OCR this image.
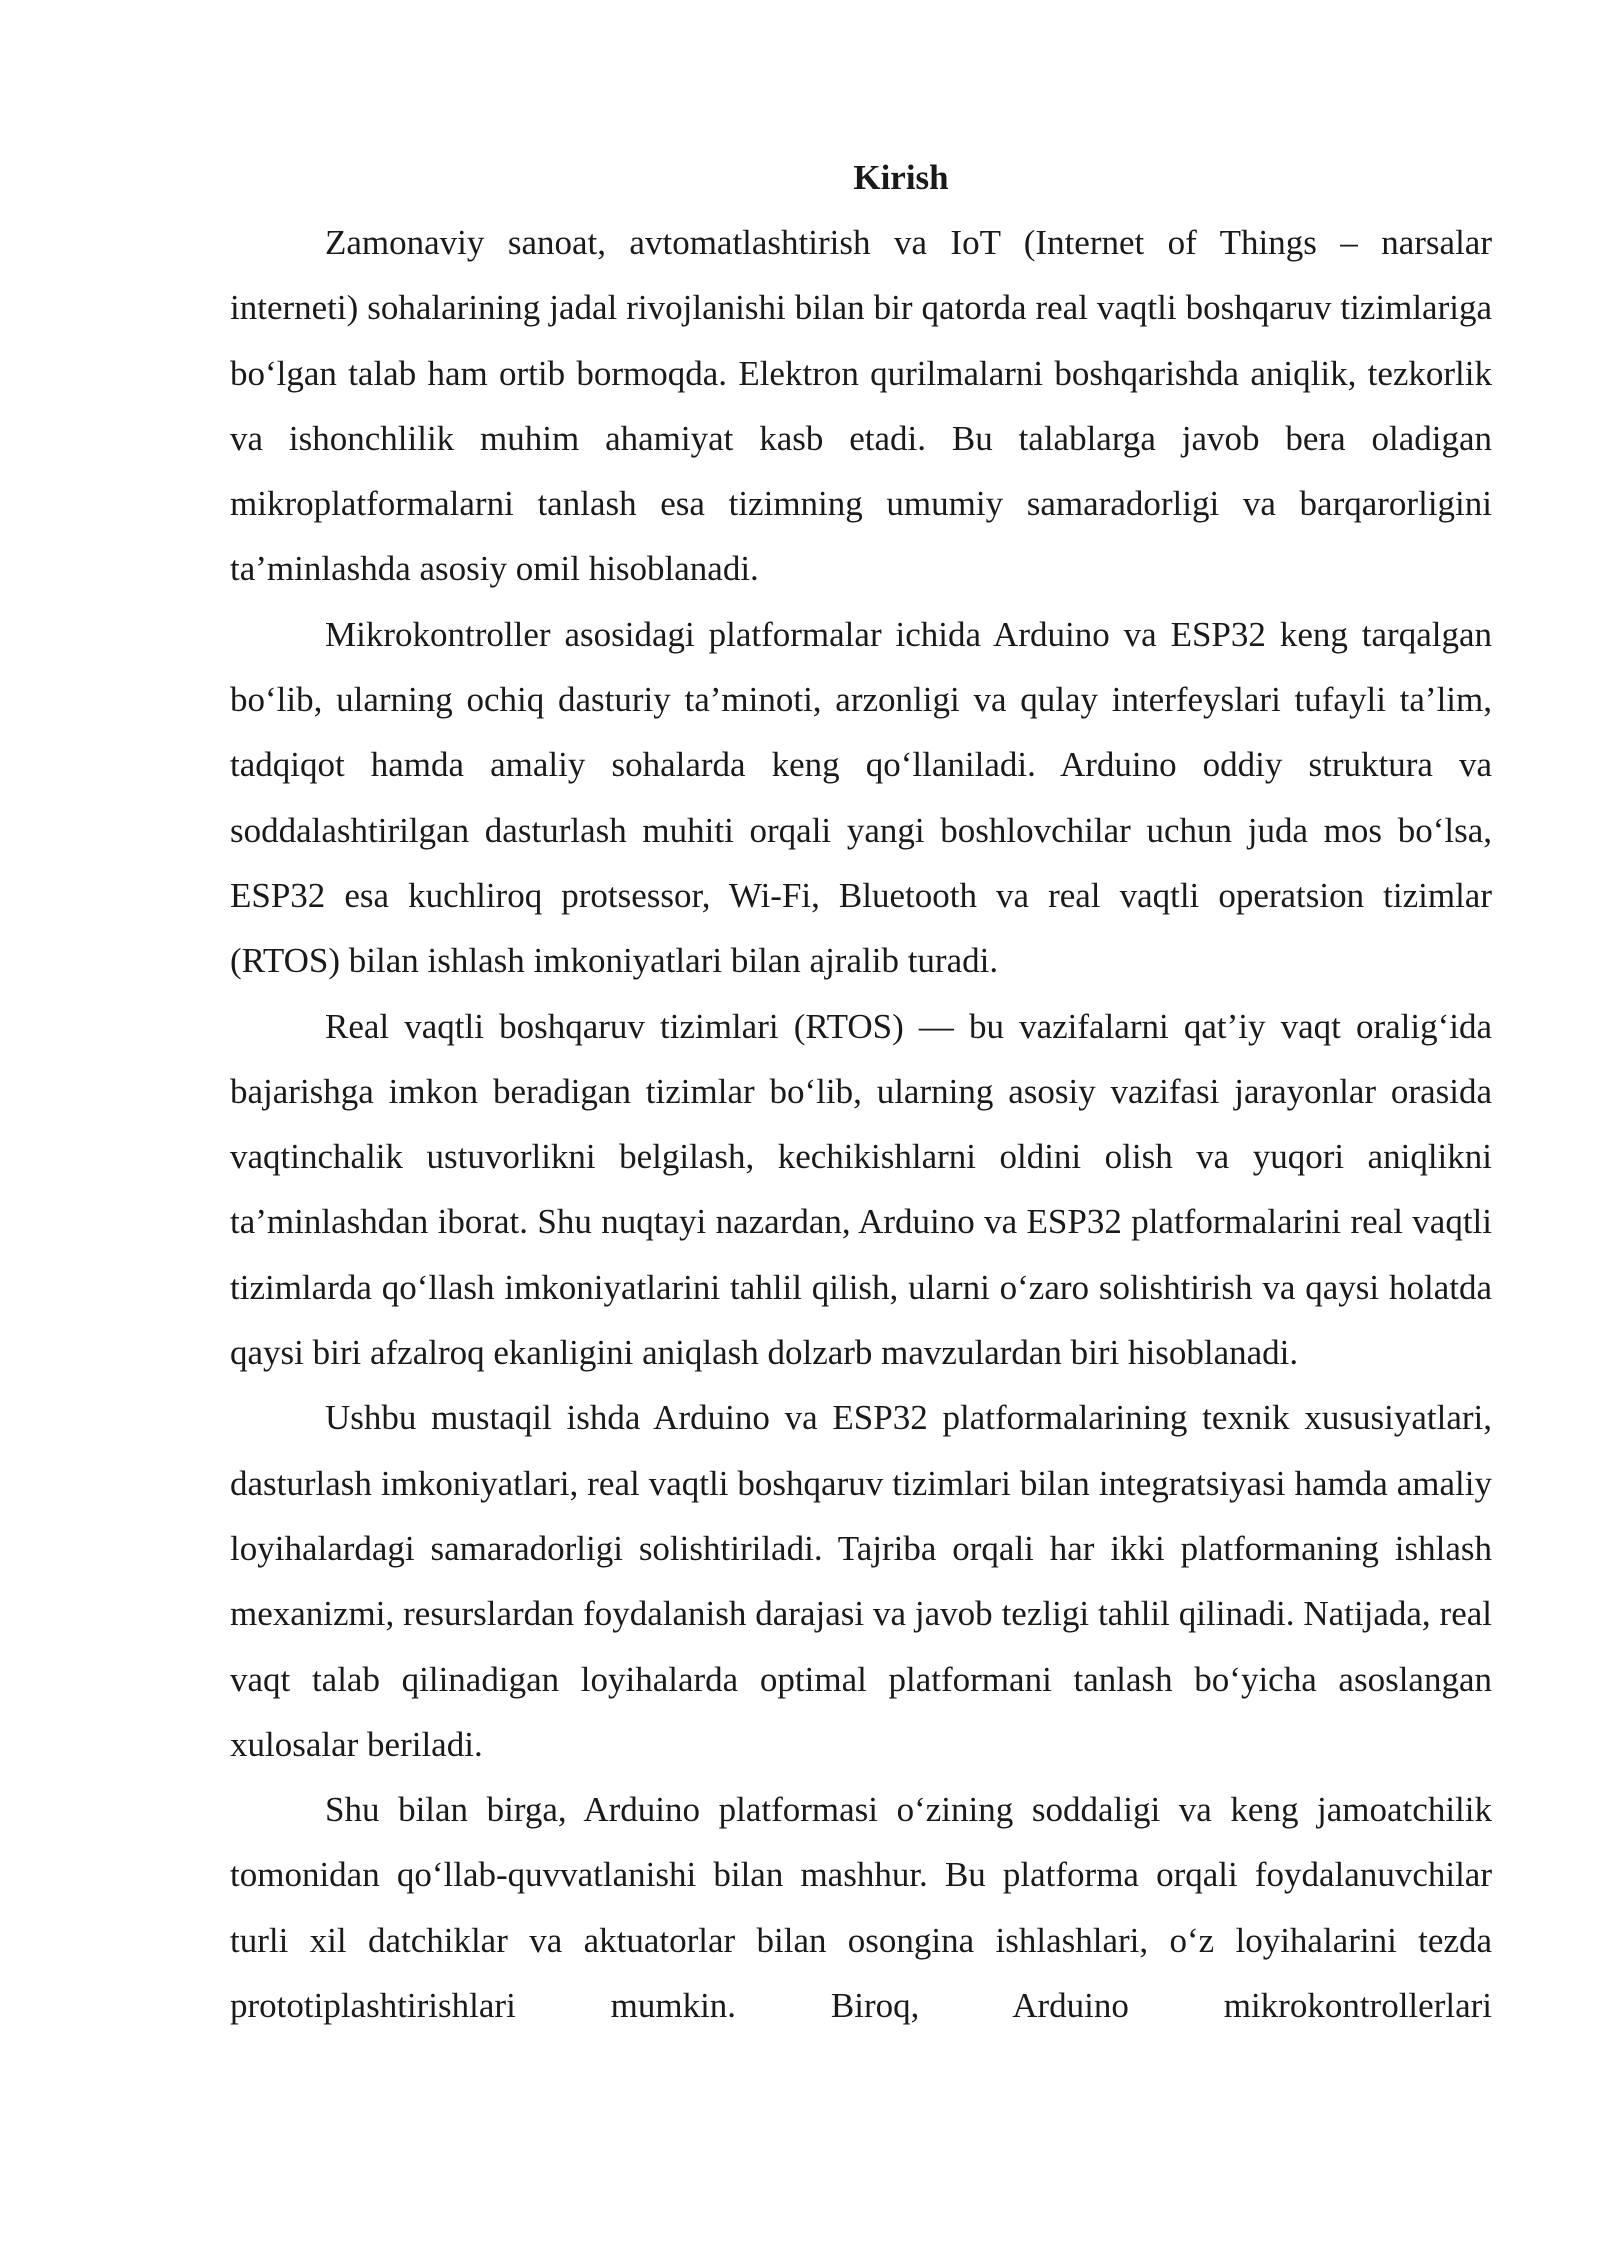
Kirish

Zamonaviy sanoat, avtomatlashtirish va IoT (Internet of Things – narsalar interneti) sohalarining jadal rivojlanishi bilan bir qatorda real vaqtli boshqaruv tizimlariga bo‘lgan talab ham ortib bormoqda. Elektron qurilmalarni boshqarishda aniqlik, tezkorlik va ishonchlilik muhim ahamiyat kasb etadi. Bu talablarga javob bera oladigan mikroplatformalarni tanlash esa tizimning umumiy samaradorligi va barqarorligini ta’minlashda asosiy omil hisoblanadi.

Mikrokontroller asosidagi platformalar ichida Arduino va ESP32 keng tarqalgan bo‘lib, ularning ochiq dasturiy ta’minoti, arzonligi va qulay interfeyslari tufayli ta’lim, tadqiqot hamda amaliy sohalarda keng qo‘llaniladi. Arduino oddiy struktura va soddalashtirilgan dasturlash muhiti orqali yangi boshlovchilar uchun juda mos bo‘lsa, ESP32 esa kuchliroq protsessor, Wi-Fi, Bluetooth va real vaqtli operatsion tizimlar (RTOS) bilan ishlash imkoniyatlari bilan ajralib turadi.

Real vaqtli boshqaruv tizimlari (RTOS) — bu vazifalarni qat’iy vaqt oralig‘ida bajarishga imkon beradigan tizimlar bo‘lib, ularning asosiy vazifasi jarayonlar orasida vaqtinchalik ustuvorlikni belgilash, kechikishlarni oldini olish va yuqori aniqlikni ta’minlashdan iborat. Shu nuqtayi nazardan, Arduino va ESP32 platformalarini real vaqtli tizimlarda qo‘llash imkoniyatlarini tahlil qilish, ularni o‘zaro solishtirish va qaysi holatda qaysi biri afzalroq ekanligini aniqlash dolzarb mavzulardan biri hisoblanadi.

Ushbu mustaqil ishda Arduino va ESP32 platformalarining texnik xususiyatlari, dasturlash imkoniyatlari, real vaqtli boshqaruv tizimlari bilan integratsiyasi hamda amaliy loyihalardagi samaradorligi solishtiriladi. Tajriba orqali har ikki platformaning ishlash mexanizmi, resurslardan foydalanish darajasi va javob tezligi tahlil qilinadi. Natijada, real vaqt talab qilinadigan loyihalarda optimal platformani tanlash bo‘yicha asoslangan xulosalar beriladi.

Shu bilan birga, Arduino platformasi o‘zining soddaligi va keng jamoatchilik tomonidan qo‘llab-quvvatlanishi bilan mashhur. Bu platforma orqali foydalanuvchilar turli xil datchiklar va aktuatorlar bilan osongina ishlashlari, o‘z loyihalarini tezda prototiplashtirishlari mumkin. Biroq, Arduino mikrokontrollerlari
